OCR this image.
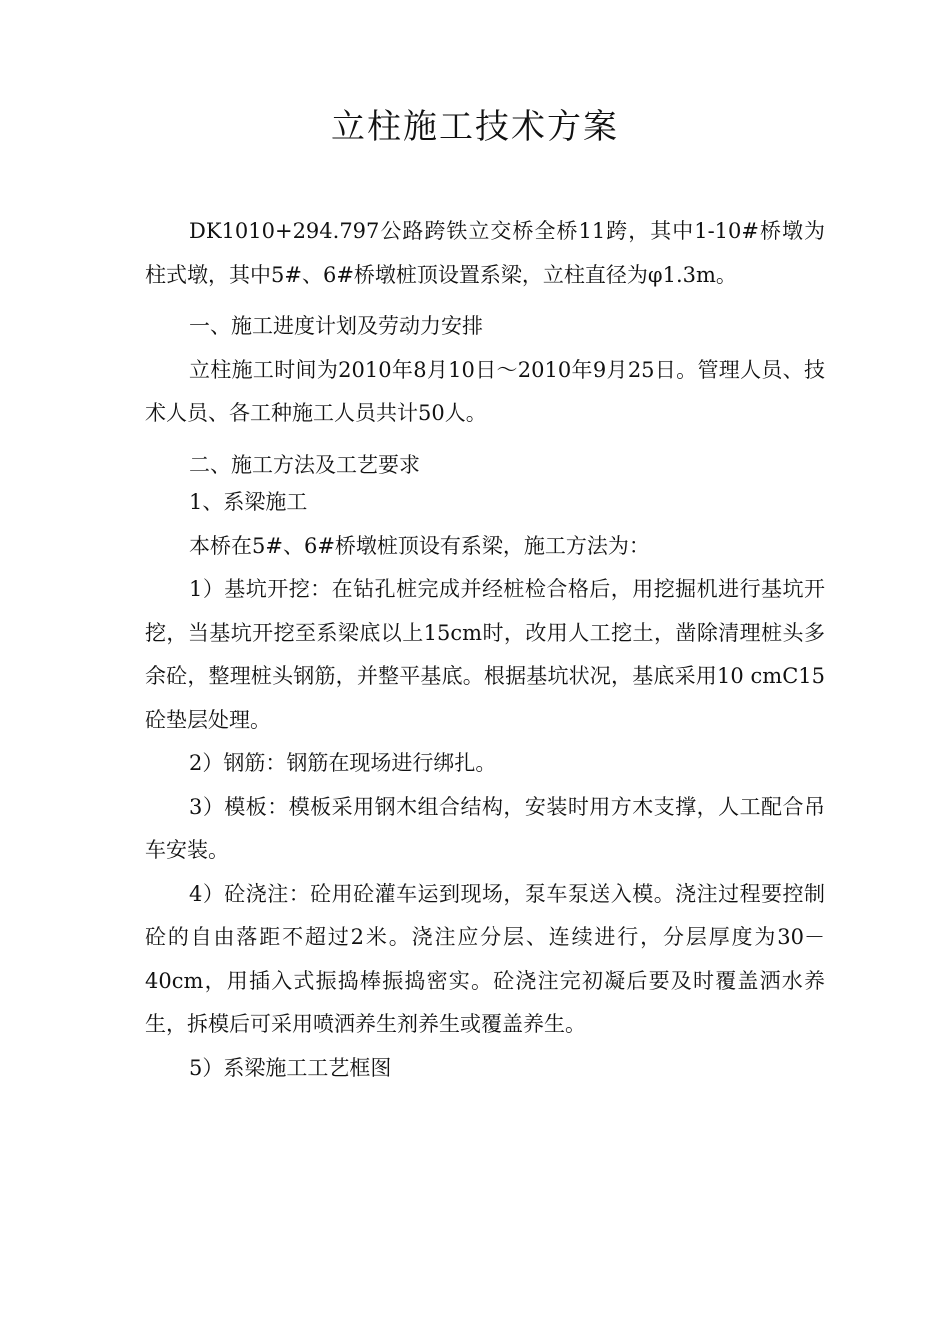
立柱施工技术方案

DK1010+294.797公路跨铁立交桥全桥11跨，其中1-10#桥墩为柱式墩，其中5#、6#桥墩桩顶设置系梁，立柱直径为φ1.3m。

一、施工进度计划及劳动力安排

立柱施工时间为2010年8月10日～2010年9月25日。管理人员、技术人员、各工种施工人员共计50人。

二、施工方法及工艺要求

1、系梁施工

本桥在5#、6#桥墩桩顶设有系梁，施工方法为：

1）基坑开挖：在钻孔桩完成并经桩检合格后，用挖掘机进行基坑开挖，当基坑开挖至系梁底以上15cm时，改用人工挖土，凿除清理桩头多余砼，整理桩头钢筋，并整平基底。根据基坑状况，基底采用10 cmC15砼垫层处理。

2）钢筋：钢筋在现场进行绑扎。

3）模板：模板采用钢木组合结构，安装时用方木支撑，人工配合吊车安装。

4）砼浇注：砼用砼灌车运到现场，泵车泵送入模。浇注过程要控制砼的自由落距不超过2米。浇注应分层、连续进行，分层厚度为30－40cm，用插入式振捣棒振捣密实。砼浇注完初凝后要及时覆盖洒水养生，拆模后可采用喷洒养生剂养生或覆盖养生。

5）系梁施工工艺框图
